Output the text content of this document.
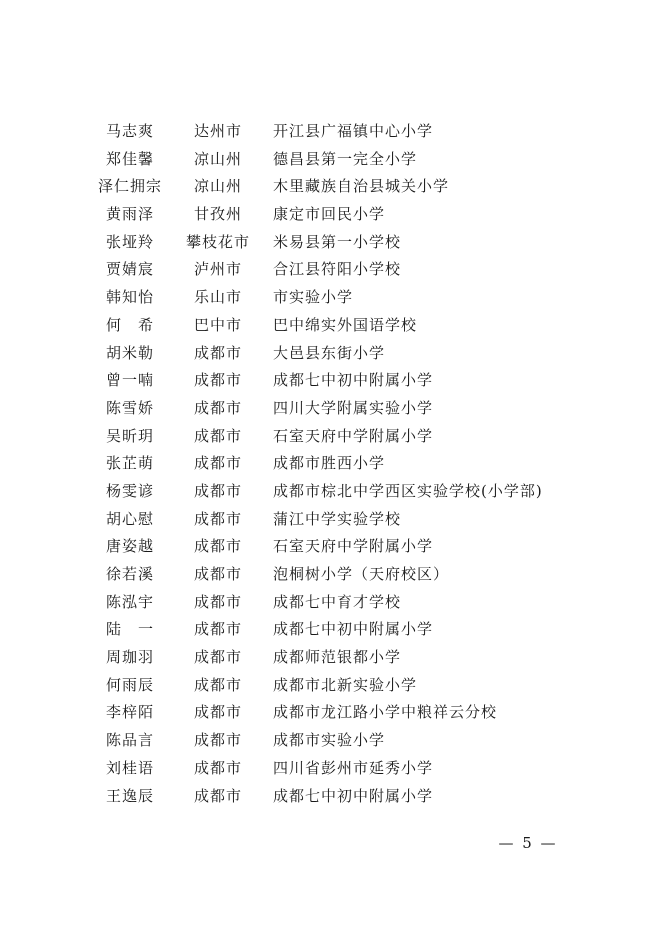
马志爽	达州市	开江县广福镇中心小学
郑佳馨	凉山州	德昌县第一完全小学
泽仁拥宗	凉山州	木里藏族自治县城关小学
黄雨泽	甘孜州	康定市回民小学
张垭羚	攀枝花市	米易县第一小学校
贾婧宸	泸州市	合江县符阳小学校
韩知怡	乐山市	市实验小学
何　希	巴中市	巴中绵实外国语学校
胡米勒	成都市	大邑县东街小学
曾一喃	成都市	成都七中初中附属小学
陈雪娇	成都市	四川大学附属实验小学
吴昕玥	成都市	石室天府中学附属小学
张芷萌	成都市	成都市胜西小学
杨雯谚	成都市	成都市棕北中学西区实验学校(小学部)
胡心慰	成都市	蒲江中学实验学校
唐姿越	成都市	石室天府中学附属小学
徐若溪	成都市	泡桐树小学（天府校区）
陈泓宇	成都市	成都七中育才学校
陆　一	成都市	成都七中初中附属小学
周珈羽	成都市	成都师范银都小学
何雨辰	成都市	成都市北新实验小学
李梓陌	成都市	成都市龙江路小学中粮祥云分校
陈品言	成都市	成都市实验小学
刘桂语	成都市	四川省彭州市延秀小学
王逸辰	成都市	成都七中初中附属小学
— 5 —
